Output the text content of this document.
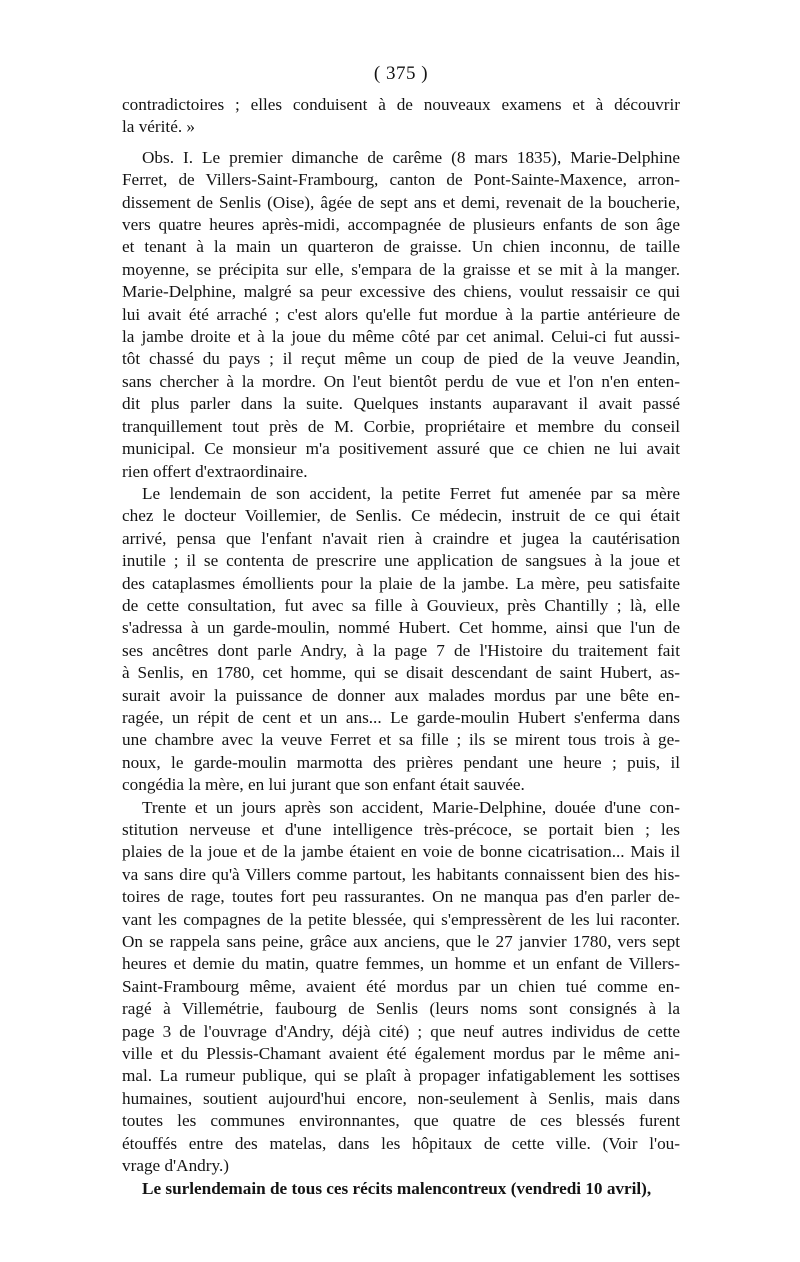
( 375 )
contradictoires ; elles conduisent à de nouveaux examens et à découvrir
la vérité. »
Obs. I. Le premier dimanche de carême (8 mars 1835), Marie-Delphine
Ferret, de Villers-Saint-Frambourg, canton de Pont-Sainte-Maxence, arron-
dissement de Senlis (Oise), âgée de sept ans et demi, revenait de la boucherie,
vers quatre heures après-midi, accompagnée de plusieurs enfants de son âge
et tenant à la main un quarteron de graisse. Un chien inconnu, de taille
moyenne, se précipita sur elle, s'empara de la graisse et se mit à la manger.
Marie-Delphine, malgré sa peur excessive des chiens, voulut ressaisir ce qui
lui avait été arraché ; c'est alors qu'elle fut mordue à la partie antérieure de
la jambe droite et à la joue du même côté par cet animal. Celui-ci fut aussi-
tôt chassé du pays ; il reçut même un coup de pied de la veuve Jeandin,
sans chercher à la mordre. On l'eut bientôt perdu de vue et l'on n'en enten-
dit plus parler dans la suite. Quelques instants auparavant il avait passé
tranquillement tout près de M. Corbie, propriétaire et membre du conseil
municipal. Ce monsieur m'a positivement assuré que ce chien ne lui avait
rien offert d'extraordinaire.
Le lendemain de son accident, la petite Ferret fut amenée par sa mère
chez le docteur Voillemier, de Senlis. Ce médecin, instruit de ce qui était
arrivé, pensa que l'enfant n'avait rien à craindre et jugea la cautérisation
inutile ; il se contenta de prescrire une application de sangsues à la joue et
des cataplasmes émollients pour la plaie de la jambe. La mère, peu satisfaite
de cette consultation, fut avec sa fille à Gouvieux, près Chantilly ; là, elle
s'adressa à un garde-moulin, nommé Hubert. Cet homme, ainsi que l'un de
ses ancêtres dont parle Andry, à la page 7 de l'Histoire du traitement fait
à Senlis, en 1780, cet homme, qui se disait descendant de saint Hubert, as-
surait avoir la puissance de donner aux malades mordus par une bête en-
ragée, un répit de cent et un ans... Le garde-moulin Hubert s'enferma dans
une chambre avec la veuve Ferret et sa fille ; ils se mirent tous trois à ge-
noux, le garde-moulin marmotta des prières pendant une heure ; puis, il
congédia la mère, en lui jurant que son enfant était sauvée.
Trente et un jours après son accident, Marie-Delphine, douée d'une con-
stitution nerveuse et d'une intelligence très-précoce, se portait bien ; les
plaies de la joue et de la jambe étaient en voie de bonne cicatrisation... Mais il
va sans dire qu'à Villers comme partout, les habitants connaissent bien des his-
toires de rage, toutes fort peu rassurantes. On ne manqua pas d'en parler de-
vant les compagnes de la petite blessée, qui s'empressèrent de les lui raconter.
On se rappela sans peine, grâce aux anciens, que le 27 janvier 1780, vers sept
heures et demie du matin, quatre femmes, un homme et un enfant de Villers-
Saint-Frambourg même, avaient été mordus par un chien tué comme en-
ragé à Villemétrie, faubourg de Senlis (leurs noms sont consignés à la
page 3 de l'ouvrage d'Andry, déjà cité) ; que neuf autres individus de cette
ville et du Plessis-Chamant avaient été également mordus par le même ani-
mal. La rumeur publique, qui se plaît à propager infatigablement les sottises
humaines, soutient aujourd'hui encore, non-seulement à Senlis, mais dans
toutes les communes environnantes, que quatre de ces blessés furent
étouffés entre des matelas, dans les hôpitaux de cette ville. (Voir l'ou-
vrage d'Andry.)
Le surlendemain de tous ces récits malencontreux (vendredi 10 avril),
